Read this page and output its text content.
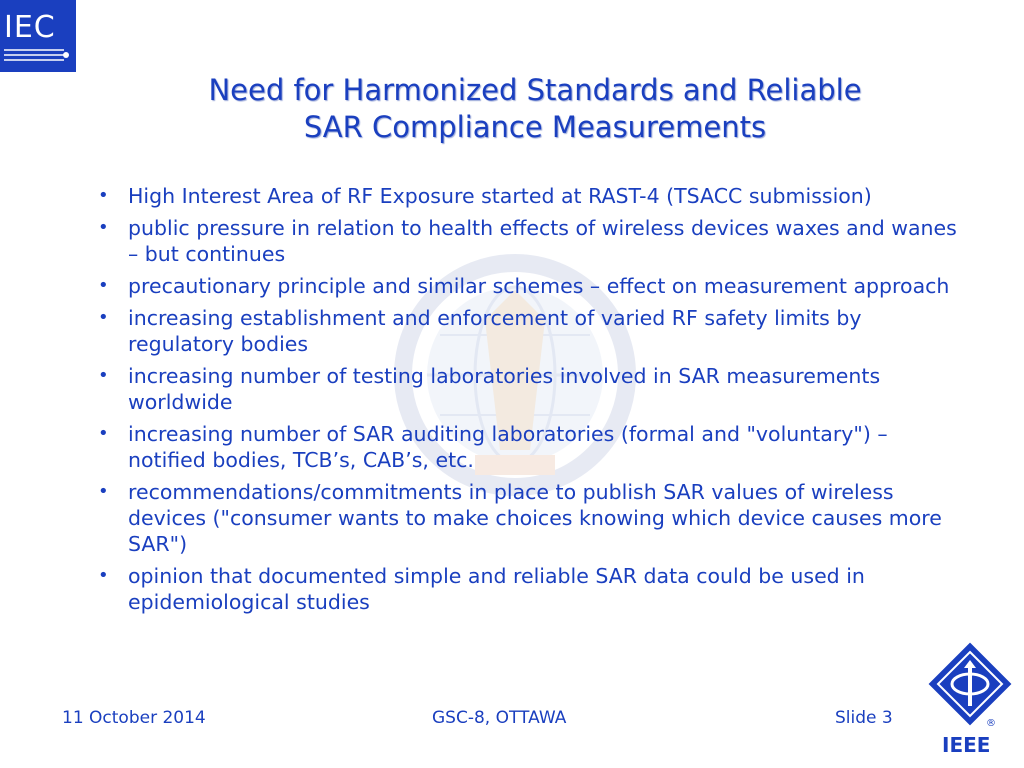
IEC
Need for Harmonized Standards and Reliable
SAR Compliance Measurements
• High Interest Area of RF Exposure started at RAST-4 (TSACC submission)
• public pressure in relation to health effects of wireless devices waxes and wanes – but continues
• precautionary principle and similar schemes – effect on measurement approach
• increasing establishment and enforcement of varied RF safety limits by regulatory bodies
• increasing number of testing laboratories involved in SAR measurements worldwide
• increasing number of SAR auditing laboratories (formal and "voluntary") – notified bodies, TCB’s, CAB’s, etc.
• recommendations/commitments in place to publish SAR values of wireless devices ("consumer wants to make choices knowing which device causes more SAR")
• opinion that documented simple and reliable SAR data could be used in epidemiological studies
11 October 2014	GSC-8, OTTAWA	Slide 3	®
IEEE
